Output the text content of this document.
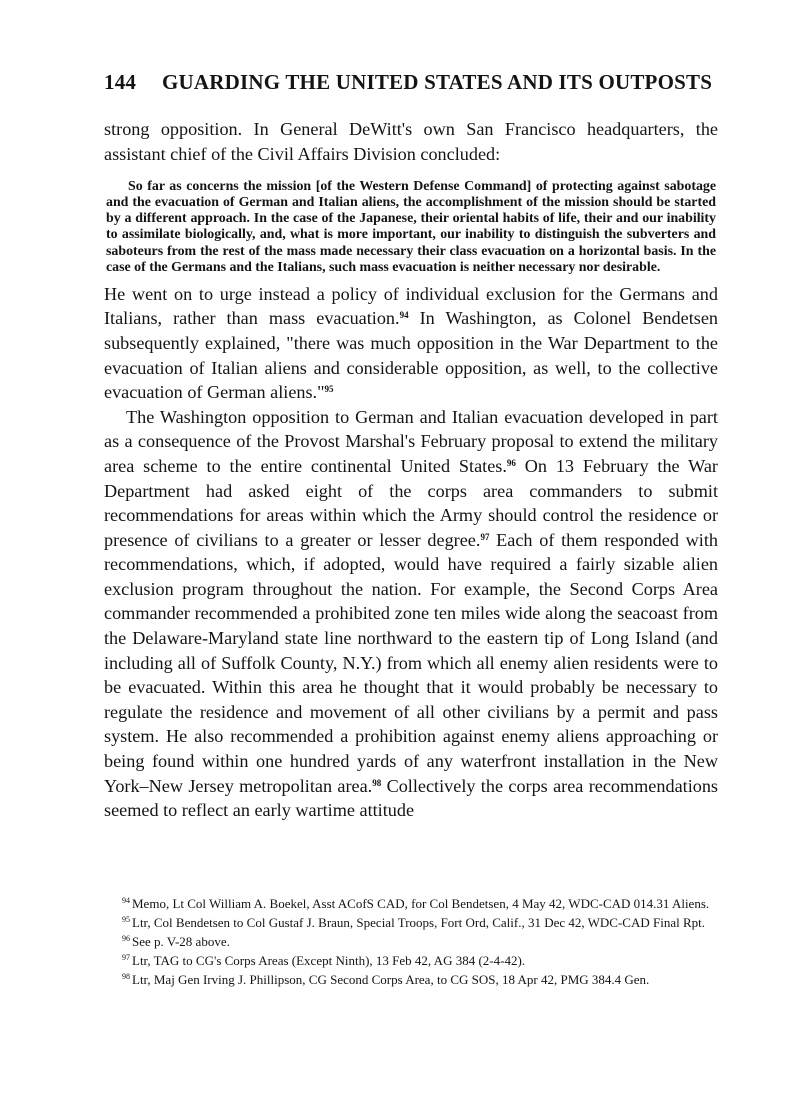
144	GUARDING THE UNITED STATES AND ITS OUTPOSTS

strong opposition. In General DeWitt's own San Francisco headquarters, the assistant chief of the Civil Affairs Division concluded:

So far as concerns the mission [of the Western Defense Command] of protecting against sabotage and the evacuation of German and Italian aliens, the accomplishment of the mission should be started by a different approach. In the case of the Japanese, their oriental habits of life, their and our inability to assimilate biologically, and, what is more important, our inability to distinguish the subverters and saboteurs from the rest of the mass made necessary their class evacuation on a horizontal basis. In the case of the Germans and the Italians, such mass evacuation is neither necessary nor desirable.

He went on to urge instead a policy of individual exclusion for the Germans and Italians, rather than mass evacuation.$^{94}$ In Washington, as Colonel Bendetsen subsequently explained, "there was much opposition in the War Department to the evacuation of Italian aliens and considerable opposition, as well, to the collective evacuation of German aliens."$^{95}$

The Washington opposition to German and Italian evacuation developed in part as a consequence of the Provost Marshal's February proposal to extend the military area scheme to the entire continental United States.$^{96}$ On 13 February the War Department had asked eight of the corps area commanders to submit recommendations for areas within which the Army should control the residence or presence of civilians to a greater or lesser degree.$^{97}$ Each of them responded with recommendations, which, if adopted, would have required a fairly sizable alien exclusion program throughout the nation. For example, the Second Corps Area commander recommended a prohibited zone ten miles wide along the seacoast from the Delaware-Maryland state line northward to the eastern tip of Long Island (and including all of Suffolk County, N.Y.) from which all enemy alien residents were to be evacuated. Within this area he thought that it would probably be necessary to regulate the residence and movement of all other civilians by a permit and pass system. He also recommended a prohibition against enemy aliens approaching or being found within one hundred yards of any waterfront installation in the New York–New Jersey metropolitan area.$^{98}$ Collectively the corps area recommendations seemed to reflect an early wartime attitude

$^{94}$ Memo, Lt Col William A. Boekel, Asst ACofS CAD, for Col Bendetsen, 4 May 42, WDC-CAD 014.31 Aliens.

$^{95}$ Ltr, Col Bendetsen to Col Gustaf J. Braun, Special Troops, Fort Ord, Calif., 31 Dec 42, WDC-CAD Final Rpt.

$^{96}$ See p. V-28 above.

$^{97}$ Ltr, TAG to CG's Corps Areas (Except Ninth), 13 Feb 42, AG 384 (2-4-42).

$^{98}$ Ltr, Maj Gen Irving J. Phillipson, CG Second Corps Area, to CG SOS, 18 Apr 42, PMG 384.4 Gen.
